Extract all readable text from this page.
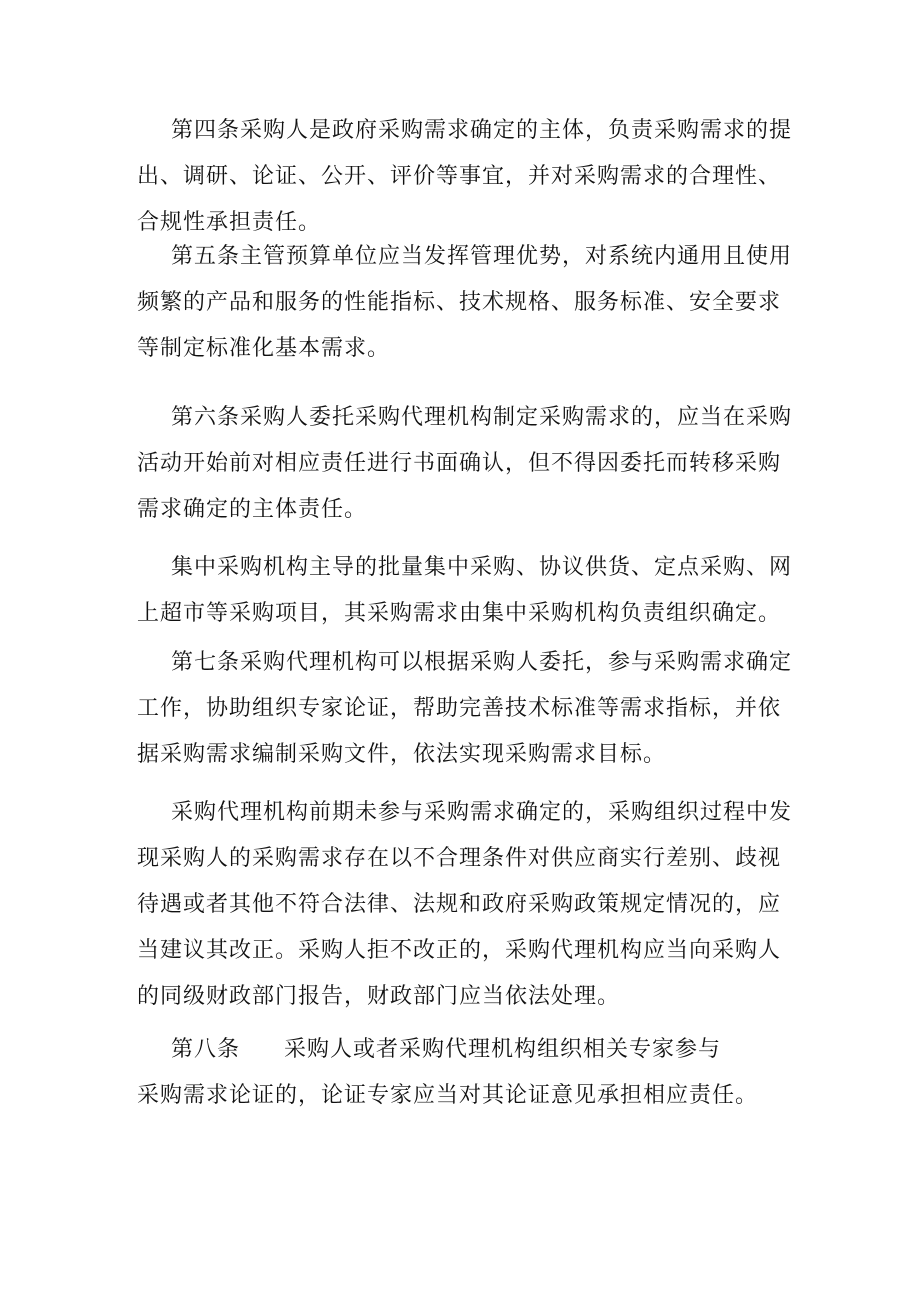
第四条采购人是政府采购需求确定的主体，负责采购需求的提出、调研、论证、公开、评价等事宜，并对采购需求的合理性、合规性承担责任。

第五条主管预算单位应当发挥管理优势，对系统内通用且使用频繁的产品和服务的性能指标、技术规格、服务标准、安全要求等制定标准化基本需求。

第六条采购人委托采购代理机构制定采购需求的，应当在采购活动开始前对相应责任进行书面确认，但不得因委托而转移采购需求确定的主体责任。

集中采购机构主导的批量集中采购、协议供货、定点采购、网上超市等采购项目，其采购需求由集中采购机构负责组织确定。

第七条采购代理机构可以根据采购人委托，参与采购需求确定工作，协助组织专家论证，帮助完善技术标准等需求指标，并依据采购需求编制采购文件，依法实现采购需求目标。

采购代理机构前期未参与采购需求确定的，采购组织过程中发现采购人的采购需求存在以不合理条件对供应商实行差别、歧视待遇或者其他不符合法律、法规和政府采购政策规定情况的，应当建议其改正。采购人拒不改正的，采购代理机构应当向采购人的同级财政部门报告，财政部门应当依法处理。

第八条 采购人或者采购代理机构组织相关专家参与
采购需求论证的，论证专家应当对其论证意见承担相应责任。
